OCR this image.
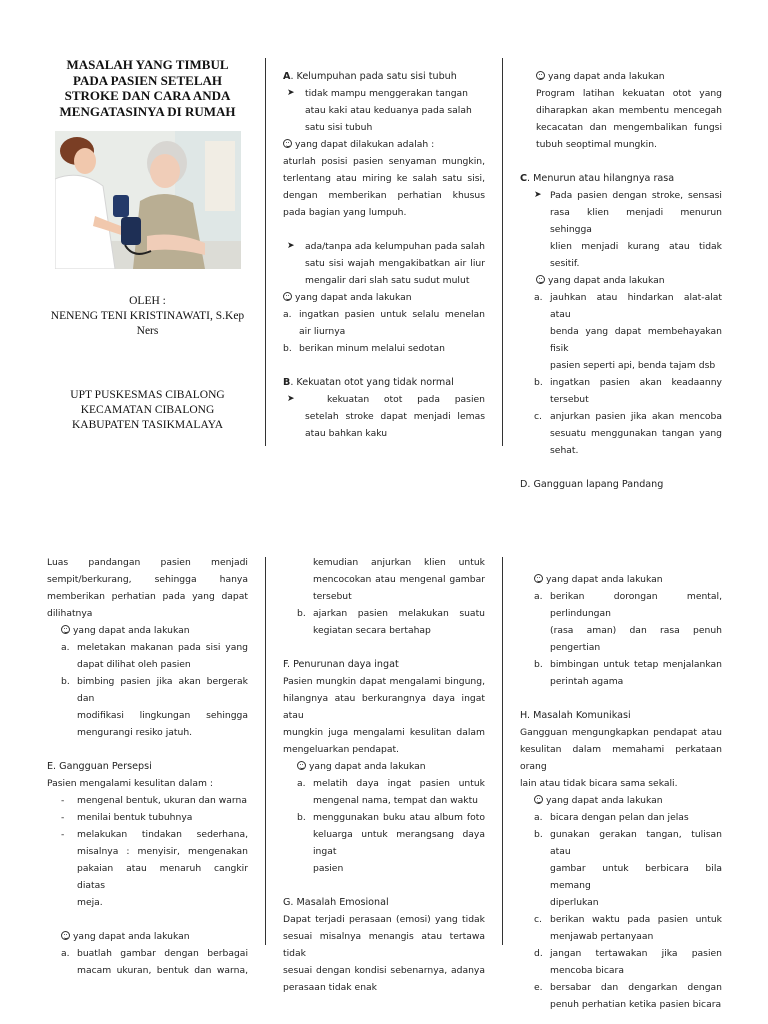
MASALAH YANG TIMBUL
PADA PASIEN SETELAH
STROKE DAN CARA ANDA
MENGATASINYA DI RUMAH
OLEH :
NENENG TENI KRISTINAWATI, S.Kep
Ners
UPT PUSKESMAS CIBALONG
KECAMATAN CIBALONG
KABUPATEN TASIKMALAYA

A. Kelumpuhan pada satu sisi tubuh

➤ tidak mampu menggerakan tangan
atau kaki atau keduanya pada salah
satu sisi tubuh

yang dapat dilakukan adalah :

aturlah posisi pasien senyaman mungkin,

terlentang atau miring ke salah satu sisi,

dengan memberikan perhatian khusus

pada bagian yang lumpuh.

➤ ada/tanpa ada kelumpuhan pada salah
satu sisi wajah mengakibatkan air liur
mengalir dari slah satu sudut mulut

yang dapat anda lakukan

a. ingatkan pasien untuk selalu menelan
air liurnya
b. berikan minum melalui sedotan

B. Kekuatan otot yang tidak normal

➤	kekuatan otot pada pasien
setelah stroke dapat menjadi lemas
atau bahkan kaku

yang dapat anda lakukan

Program latihan kekuatan otot yang

diharapkan akan membentu mencegah

kecacatan dan mengembalikan fungsi

tubuh seoptimal mungkin.

C. Menurun atau hilangnya rasa

➤ Pada pasien dengan stroke, sensasi
rasa klien menjadi menurun sehingga
klien menjadi kurang atau tidak sesitif.

yang dapat anda lakukan

a. jauhkan atau hindarkan alat-alat atau
benda yang dapat membehayakan fisik
pasien seperti api, benda tajam dsb
b. ingatkan pasien akan keadaanny
tersebut
c. anjurkan pasien jika akan mencoba
sesuatu menggunakan tangan yang
sehat.

D. Gangguan lapang Pandang

Luas pandangan pasien menjadi

sempit/berkurang, sehingga hanya

memberikan perhatian pada yang dapat

dilihatnya

yang dapat anda lakukan

a. meletakan makanan pada sisi yang
dapat dilihat oleh pasien
b. bimbing pasien jika akan bergerak dan
modifikasi lingkungan sehingga
mengurangi resiko jatuh.

E. Gangguan Persepsi

Pasien mengalami kesulitan dalam :

- mengenal bentuk, ukuran dan warna
- menilai bentuk tubuhnya
- melakukan tindakan sederhana,
misalnya : menyisir, mengenakan
pakaian atau menaruh cangkir diatas
meja.

yang dapat anda lakukan

a. buatlah gambar dengan berbagai
macam ukuran, bentuk dan warna,

kemudian anjurkan klien untuk

mencocokan atau mengenal gambar

tersebut

b. ajarkan pasien melakukan suatu
kegiatan secara bertahap

F. Penurunan daya ingat

Pasien mungkin dapat mengalami bingung,

hilangnya atau berkurangnya daya ingat atau

mungkin juga mengalami kesulitan dalam

mengeluarkan pendapat.

yang dapat anda lakukan

a. melatih daya ingat pasien untuk
mengenal nama, tempat dan waktu
b. menggunakan buku atau album foto
keluarga untuk merangsang daya ingat
pasien

G. Masalah Emosional

Dapat terjadi perasaan (emosi) yang tidak

sesuai misalnya menangis atau tertawa tidak

sesuai dengan kondisi sebenarnya, adanya

perasaan tidak enak

yang dapat anda lakukan

a. berikan dorongan mental, perlindungan
(rasa aman) dan rasa penuh
pengertian
b. bimbingan untuk tetap menjalankan
perintah agama

H. Masalah Komunikasi

Gangguan mengungkapkan pendapat atau

kesulitan dalam memahami perkataan orang

lain atau tidak bicara sama sekali.

yang dapat anda lakukan

a. bicara dengan pelan dan jelas
b. gunakan gerakan tangan, tulisan atau
gambar untuk berbicara bila memang
diperlukan
c. berikan waktu pada pasien untuk
menjawab pertanyaan
d. jangan tertawakan jika pasien
mencoba bicara
e. bersabar dan dengarkan dengan
penuh perhatian ketika pasien bicara
